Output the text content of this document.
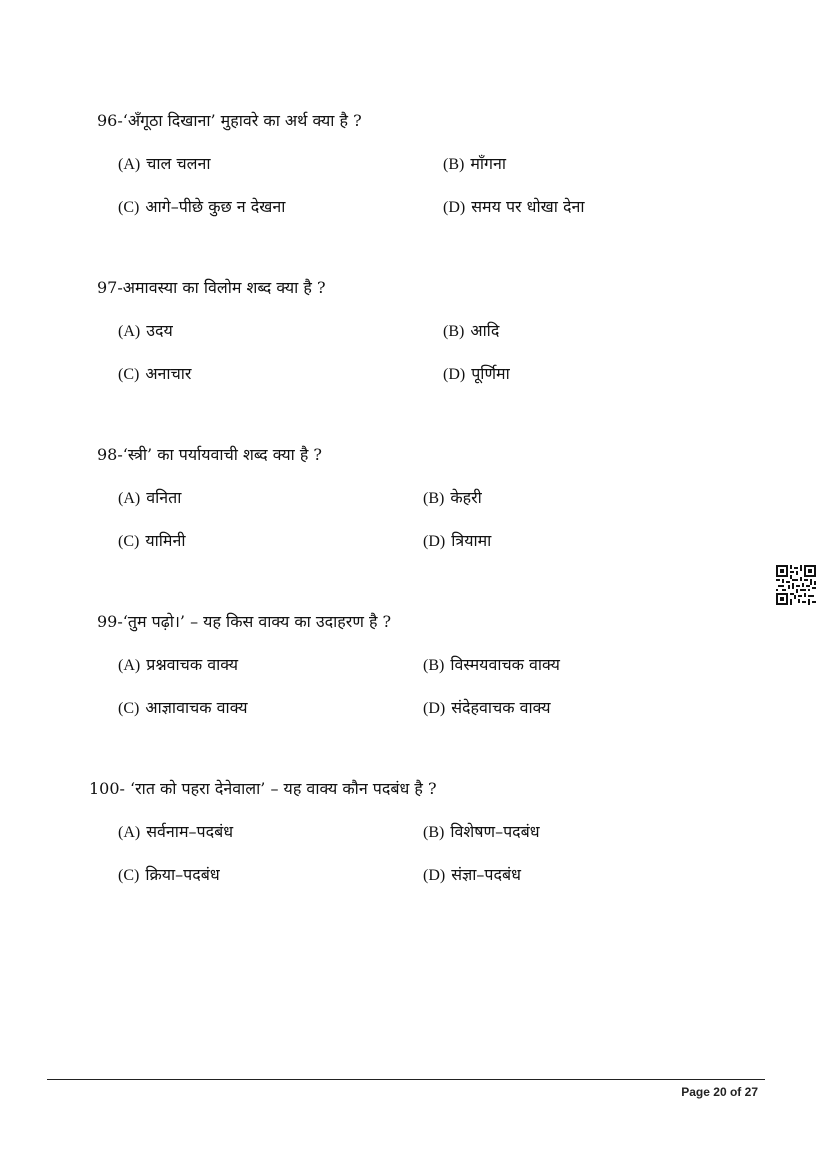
96-‘अँगूठा दिखाना’ मुहावरे का अर्थ क्या है ?
(A) चाल चलना	(B) माँगना
(C) आगे–पीछे कुछ न देखना	(D) समय पर धोखा देना
97-अमावस्या का विलोम शब्द क्या है ?
(A) उदय	(B) आदि
(C) अनाचार	(D) पूर्णिमा
98-‘स्त्री’ का पर्यायवाची शब्द क्या है ?
(A) वनिता	(B) केहरी
(C) यामिनी	(D) त्रियामा
99-‘तुम पढ़ो।’ – यह किस वाक्य का उदाहरण है ?
(A) प्रश्नवाचक वाक्य	(B) विस्मयवाचक वाक्य
(C) आज्ञावाचक वाक्य	(D) संदेहवाचक वाक्य
100- ‘रात को पहरा देनेवाला’ – यह वाक्य कौन पदबंध है ?
(A) सर्वनाम–पदबंध	(B) विशेषण–पदबंध
(C) क्रिया–पदबंध	(D) संज्ञा–पदबंध
Page 20 of 27
